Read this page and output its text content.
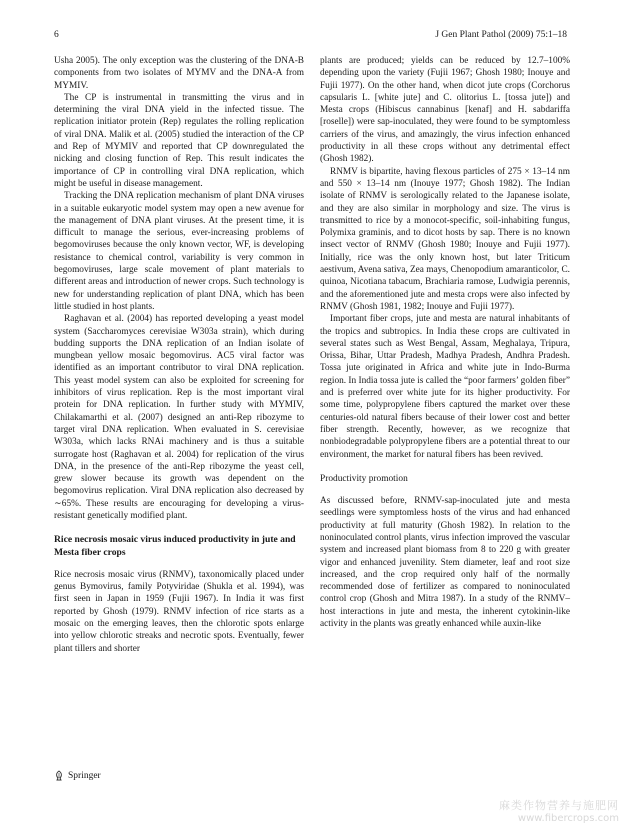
6	J Gen Plant Pathol (2009) 75:1–18

Usha 2005). The only exception was the clustering of the DNA-B components from two isolates of MYMV and the DNA-A from MYMIV.

The CP is instrumental in transmitting the virus and in determining the viral DNA yield in the infected tissue. The replication initiator protein (Rep) regulates the rolling replication of viral DNA. Malik et al. (2005) studied the interaction of the CP and Rep of MYMIV and reported that CP downregulated the nicking and closing function of Rep. This result indicates the importance of CP in controlling viral DNA replication, which might be useful in disease management.

Tracking the DNA replication mechanism of plant DNA viruses in a suitable eukaryotic model system may open a new avenue for the management of DNA plant viruses. At the present time, it is difficult to manage the serious, ever-increasing problems of begomoviruses because the only known vector, WF, is developing resistance to chemical control, variability is very common in begomoviruses, large scale movement of plant materials to different areas and introduction of newer crops. Such technology is new for understanding replication of plant DNA, which has been little studied in host plants.

Raghavan et al. (2004) has reported developing a yeast model system (Saccharomyces cerevisiae W303a strain), which during budding supports the DNA replication of an Indian isolate of mungbean yellow mosaic begomovirus. AC5 viral factor was identified as an important contributor to viral DNA replication. This yeast model system can also be exploited for screening for inhibitors of virus replication. Rep is the most important viral protein for DNA replication. In further study with MYMIV, Chilakamarthi et al. (2007) designed an anti-Rep ribozyme to target viral DNA replication. When evaluated in S. cerevisiae W303a, which lacks RNAi machinery and is thus a suitable surrogate host (Raghavan et al. 2004) for replication of the virus DNA, in the presence of the anti-Rep ribozyme the yeast cell, grew slower because its growth was dependent on the begomovirus replication. Viral DNA replication also decreased by ∼65%. These results are encouraging for developing a virus-resistant genetically modified plant.

Rice necrosis mosaic virus induced productivity in jute and Mesta fiber crops

Rice necrosis mosaic virus (RNMV), taxonomically placed under genus Bymovirus, family Potyviridae (Shukla et al. 1994), was first seen in Japan in 1959 (Fujii 1967). In India it was first reported by Ghosh (1979). RNMV infection of rice starts as a mosaic on the emerging leaves, then the chlorotic spots enlarge into yellow chlorotic streaks and necrotic spots. Eventually, fewer plant tillers and shorter

plants are produced; yields can be reduced by 12.7–100% depending upon the variety (Fujii 1967; Ghosh 1980; Inouye and Fujii 1977). On the other hand, when dicot jute crops (Corchorus capsularis L. [white jute] and C. olitorius L. [tossa jute]) and Mesta crops (Hibiscus cannabinus [kenaf] and H. sabdariffa [roselle]) were sap-inoculated, they were found to be symptomless carriers of the virus, and amazingly, the virus infection enhanced productivity in all these crops without any detrimental effect (Ghosh 1982).

RNMV is bipartite, having flexous particles of 275 × 13–14 nm and 550 × 13–14 nm (Inouye 1977; Ghosh 1982). The Indian isolate of RNMV is serologically related to the Japanese isolate, and they are also similar in morphology and size. The virus is transmitted to rice by a monocot-specific, soil-inhabiting fungus, Polymixa graminis, and to dicot hosts by sap. There is no known insect vector of RNMV (Ghosh 1980; Inouye and Fujii 1977). Initially, rice was the only known host, but later Triticum aestivum, Avena sativa, Zea mays, Chenopodium amaranticolor, C. quinoa, Nicotiana tabacum, Brachiaria ramose, Ludwigia perennis, and the aforementioned jute and mesta crops were also infected by RNMV (Ghosh 1981, 1982; Inouye and Fujii 1977).

Important fiber crops, jute and mesta are natural inhabitants of the tropics and subtropics. In India these crops are cultivated in several states such as West Bengal, Assam, Meghalaya, Tripura, Orissa, Bihar, Uttar Pradesh, Madhya Pradesh, Andhra Pradesh. Tossa jute originated in Africa and white jute in Indo-Burma region. In India tossa jute is called the “poor farmers’ golden fiber” and is preferred over white jute for its higher productivity. For some time, polypropylene fibers captured the market over these centuries-old natural fibers because of their lower cost and better fiber strength. Recently, however, as we recognize that nonbiodegradable polypropylene fibers are a potential threat to our environment, the market for natural fibers has been revived.

Productivity promotion

As discussed before, RNMV-sap-inoculated jute and mesta seedlings were symptomless hosts of the virus and had enhanced productivity at full maturity (Ghosh 1982). In relation to the noninoculated control plants, virus infection improved the vascular system and increased plant biomass from 8 to 220 g with greater vigor and enhanced juvenility. Stem diameter, leaf and root size increased, and the crop required only half of the normally recommended dose of fertilizer as compared to noninoculated control crop (Ghosh and Mitra 1987). In a study of the RNMV–host interactions in jute and mesta, the inherent cytokinin-like activity in the plants was greatly enhanced while auxin-like

Springer
麻类作物营养与施肥网
www.fibercrops.com
